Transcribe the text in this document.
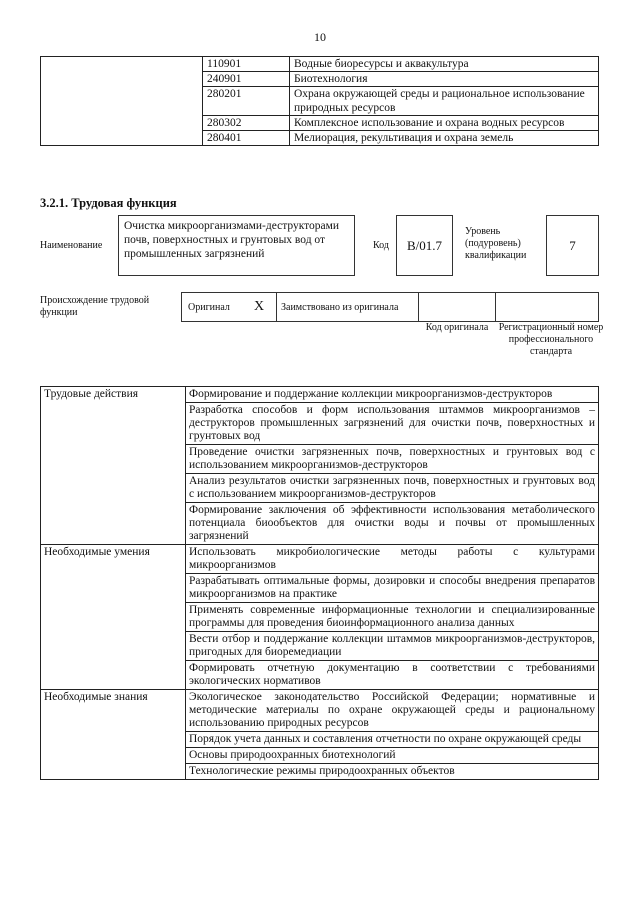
10
	110901	Водные биоресурсы и аквакультура
	240901	Биотехнология
	280201	Охрана окружающей среды и рациональное использование природных ресурсов
	280302	Комплексное использование и охрана водных ресурсов
	280401	Мелиорация, рекультивация и охрана земель
3.2.1. Трудовая функция
Наименование
Очистка микроорганизмами-деструкторами почв, поверхностных и грунтовых вод от промышленных загрязнений
Код	B/01.7
Уровень (подуровень) квалификации
7
Происхождение трудовой функции	Оригинал X Заимствовано из оригинала
Код оригинала Регистрационный номер профессионального стандарта
Трудовые действия	Формирование и поддержание коллекции микроорганизмов-деструкторов
	Разработка способов и форм использования штаммов микроорганизмов – деструкторов промышленных загрязнений для очистки почв, поверхностных и грунтовых вод
	Проведение очистки загрязненных почв, поверхностных и грунтовых вод с использованием микроорганизмов-деструкторов
	Анализ результатов очистки загрязненных почв, поверхностных и грунтовых вод с использованием микроорганизмов-деструкторов
	Формирование заключения об эффективности использования метаболического потенциала биообъектов для очистки воды и почвы от промышленных загрязнений
Необходимые умения	Использовать микробиологические методы работы с культурами микроорганизмов
	Разрабатывать оптимальные формы, дозировки и способы внедрения препаратов микроорганизмов на практике
	Применять современные информационные технологии и специализированные программы для проведения биоинформационного анализа данных
	Вести отбор и поддержание коллекции штаммов микроорганизмов-деструкторов, пригодных для биоремедиации
	Формировать отчетную документацию в соответствии с требованиями экологических нормативов
Необходимые знания	Экологическое законодательство Российской Федерации; нормативные и методические материалы по охране окружающей среды и рациональному использованию природных ресурсов
	Порядок учета данных и составления отчетности по охране окружающей среды
	Основы природоохранных биотехнологий
	Технологические режимы природоохранных объектов
